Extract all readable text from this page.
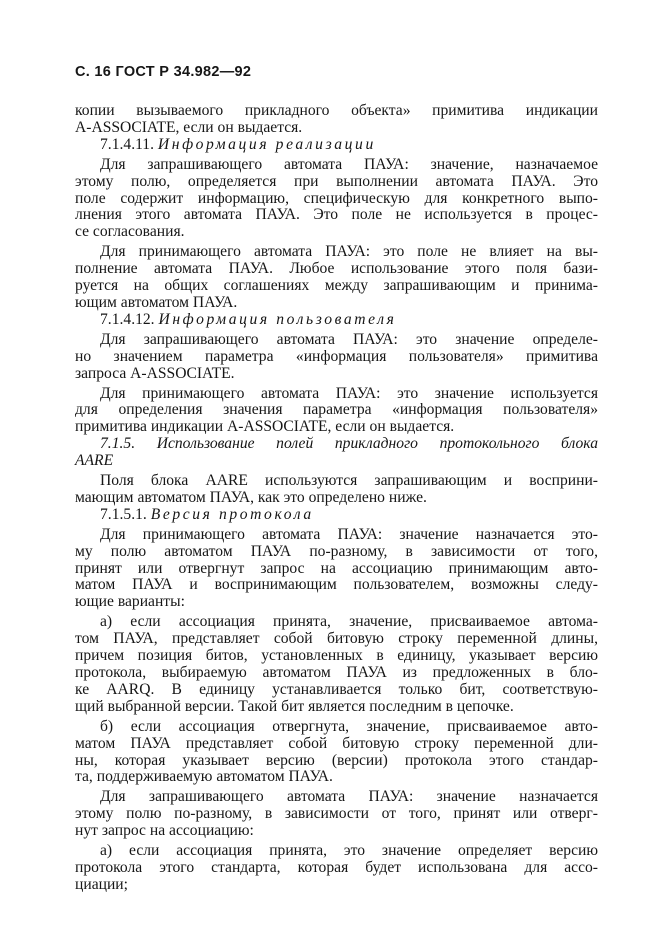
С. 16 ГОСТ Р 34.982—92

копии вызываемого прикладного объекта» примитива индикации

A-ASSOCIATE, если он выдается.

7.1.4.11. Информация реализации

Для запрашивающего автомата ПАУА: значение, назначаемое

этому полю, определяется при выполнении автомата ПАУА. Это

поле содержит информацию, специфическую для конкретного выпо-

лнения этого автомата ПАУА. Это поле не используется в процес-

се согласования.

Для принимающего автомата ПАУА: это поле не влияет на вы-

полнение автомата ПАУА. Любое использование этого поля бази-

руется на общих соглашениях между запрашивающим и принима-

ющим автоматом ПАУА.

7.1.4.12. Информация пользователя

Для запрашивающего автомата ПАУА: это значение определе-

но значением параметра «информация пользователя» примитива

запроса A-ASSOCIATE.

Для принимающего автомата ПАУА: это значение используется

для определения значения параметра «информация пользователя»

примитива индикации A-ASSOCIATE, если он выдается.

7.1.5. Использование полей прикладного протокольного блока

AARE

Поля блока AARE используются запрашивающим и восприни-

мающим автоматом ПАУА, как это определено ниже.

7.1.5.1. Версия протокола

Для принимающего автомата ПАУА: значение назначается это-

му полю автоматом ПАУА по-разному, в зависимости от того,

принят или отвергнут запрос на ассоциацию принимающим авто-

матом ПАУА и воспринимающим пользователем, возможны следу-

ющие варианты:

а) если ассоциация принята, значение, присваиваемое автома-

том ПАУА, представляет собой битовую строку переменной длины,

причем позиция битов, установленных в единицу, указывает версию

протокола, выбираемую автоматом ПАУА из предложенных в бло-

ке AARQ. В единицу устанавливается только бит, соответствую-

щий выбранной версии. Такой бит является последним в цепочке.

б) если ассоциация отвергнута, значение, присваиваемое авто-

матом ПАУА представляет собой битовую строку переменной дли-

ны, которая указывает версию (версии) протокола этого стандар-

та, поддерживаемую автоматом ПАУА.

Для запрашивающего автомата ПАУА: значение назначается

этому полю по-разному, в зависимости от того, принят или отверг-

нут запрос на ассоциацию:

а) если ассоциация принята, это значение определяет версию

протокола этого стандарта, которая будет использована для ассо-

циации;
